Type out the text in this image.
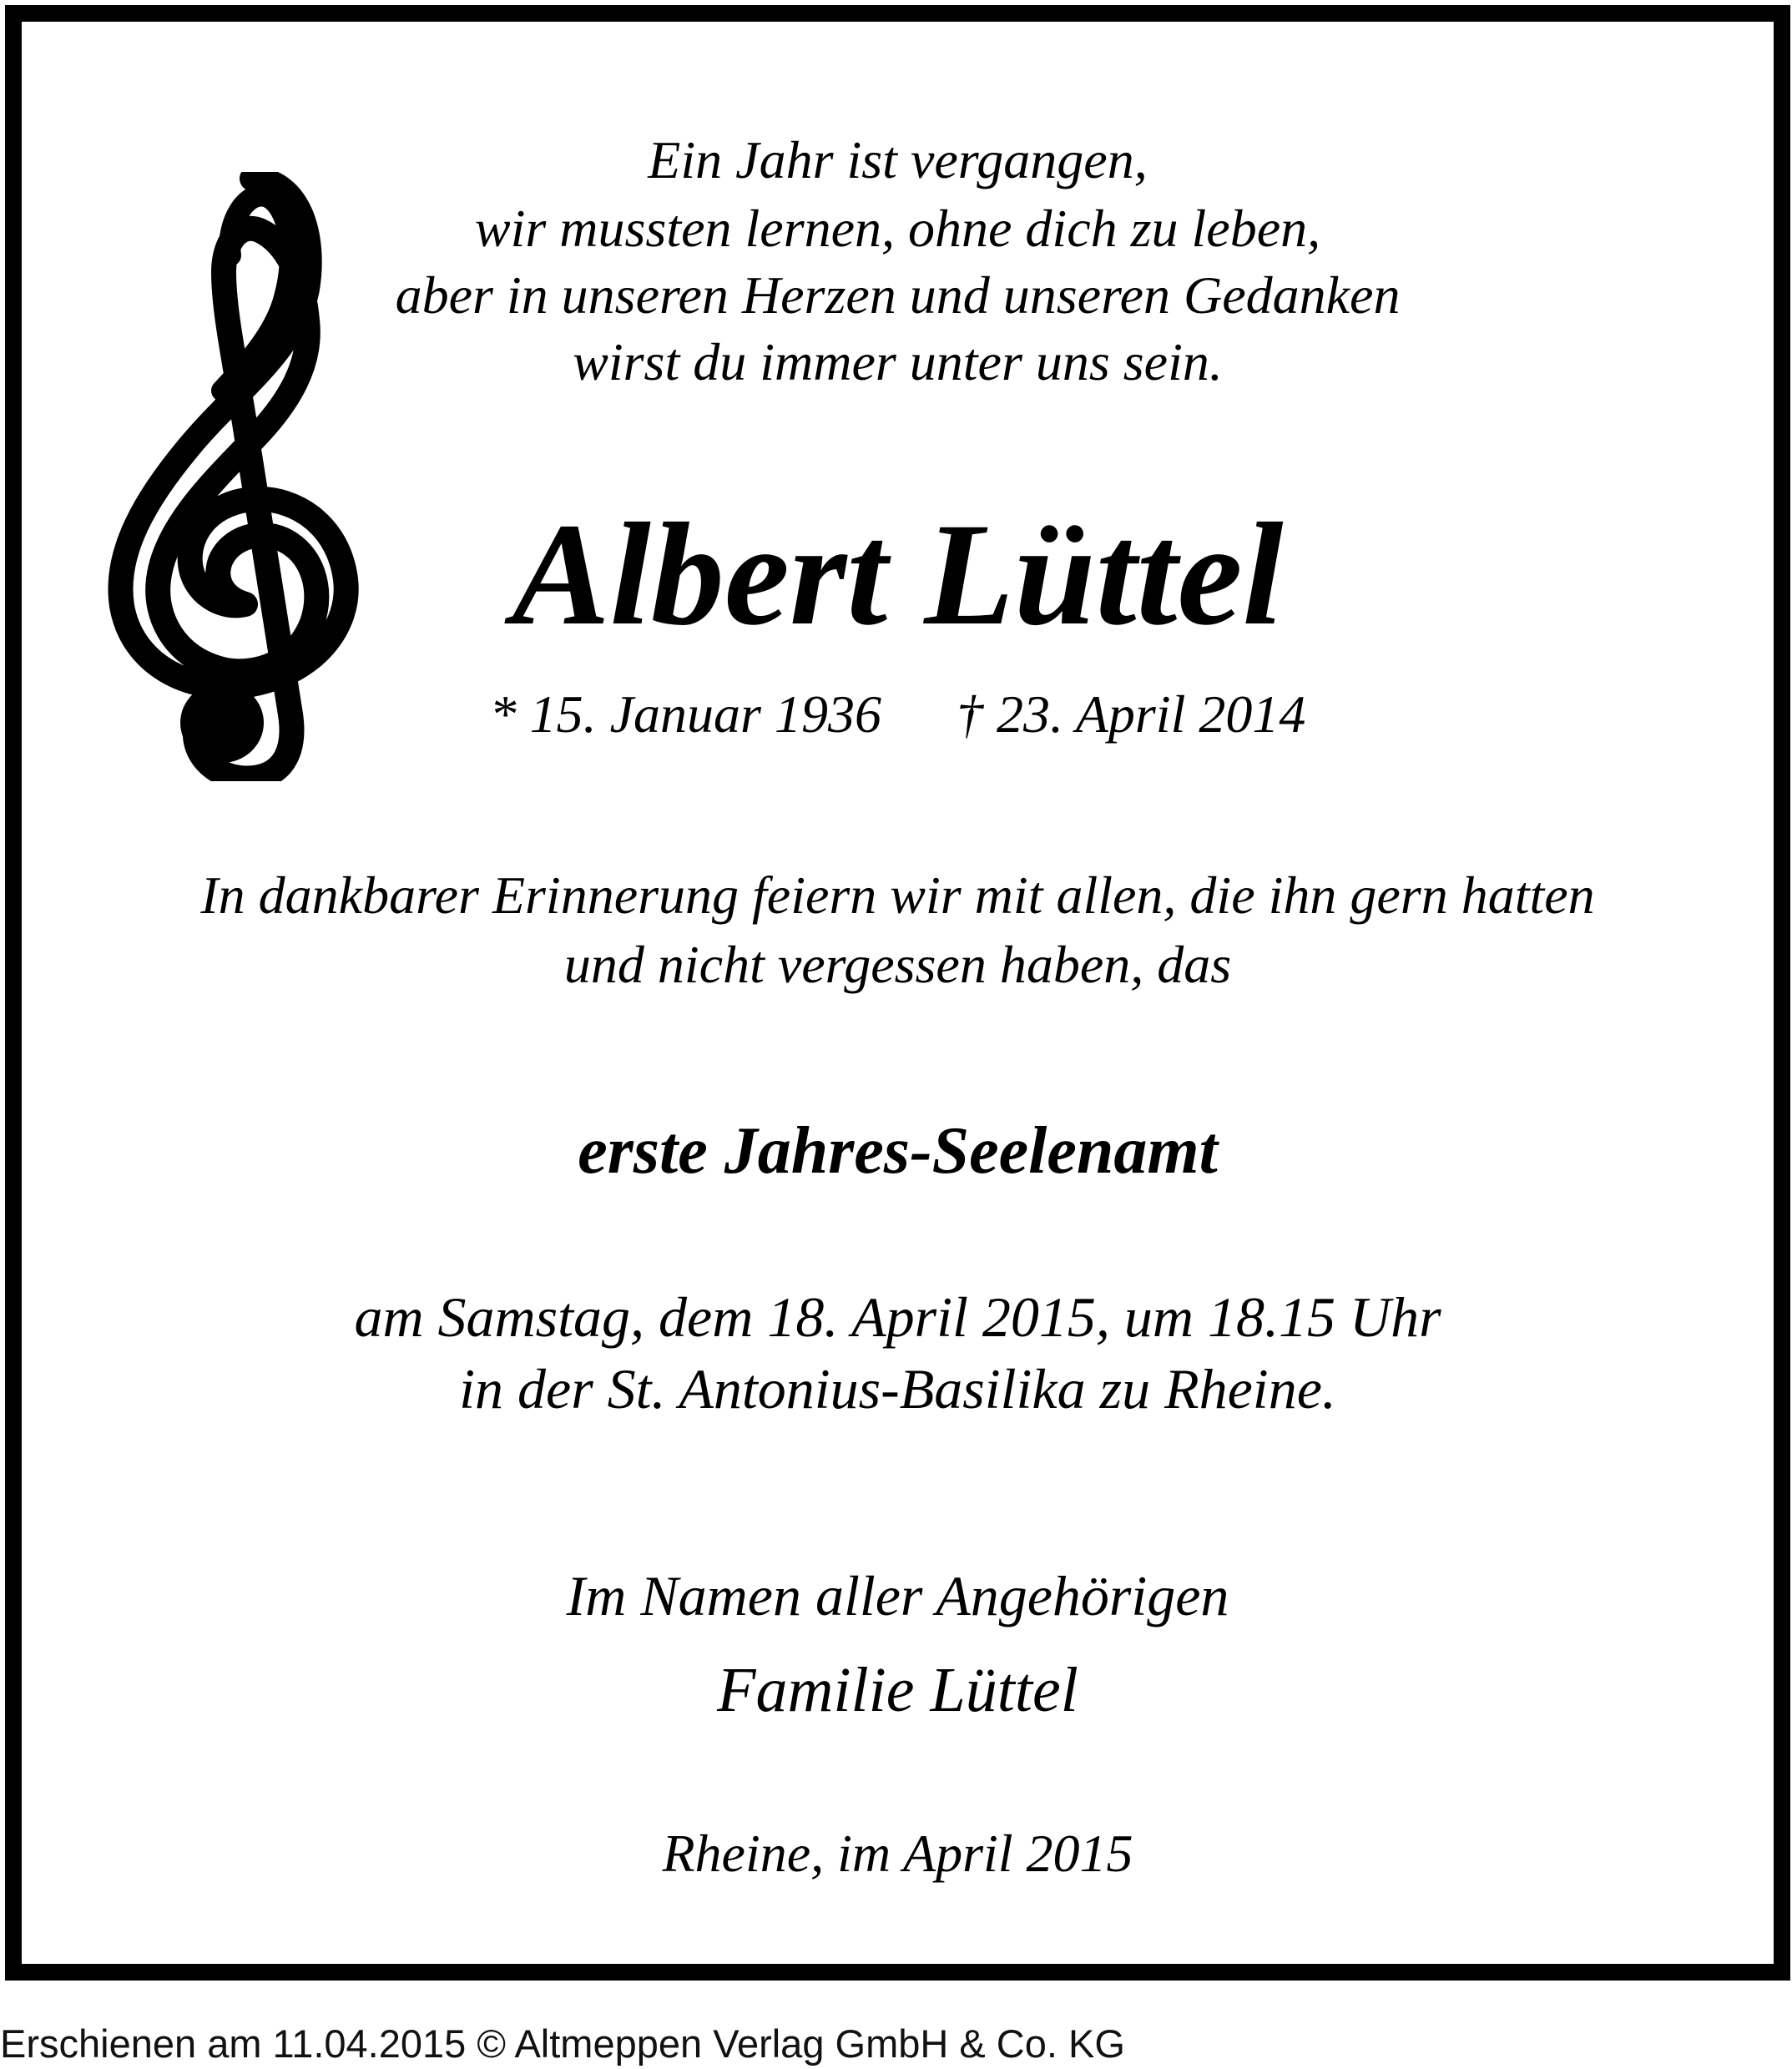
Ein Jahr ist vergangen,
wir mussten lernen, ohne dich zu leben,
aber in unseren Herzen und unseren Gedanken
wirst du immer unter uns sein.
Albert Lüttel
* 15. Januar 1936 † 23. April 2014
In dankbarer Erinnerung feiern wir mit allen, die ihn gern hatten
und nicht vergessen haben, das
erste Jahres-Seelenamt
am Samstag, dem 18. April 2015, um 18.15 Uhr
in der St. Antonius-Basilika zu Rheine.
Im Namen aller Angehörigen
Familie Lüttel
Rheine, im April 2015
Erschienen am 11.04.2015 © Altmeppen Verlag GmbH & Co. KG
